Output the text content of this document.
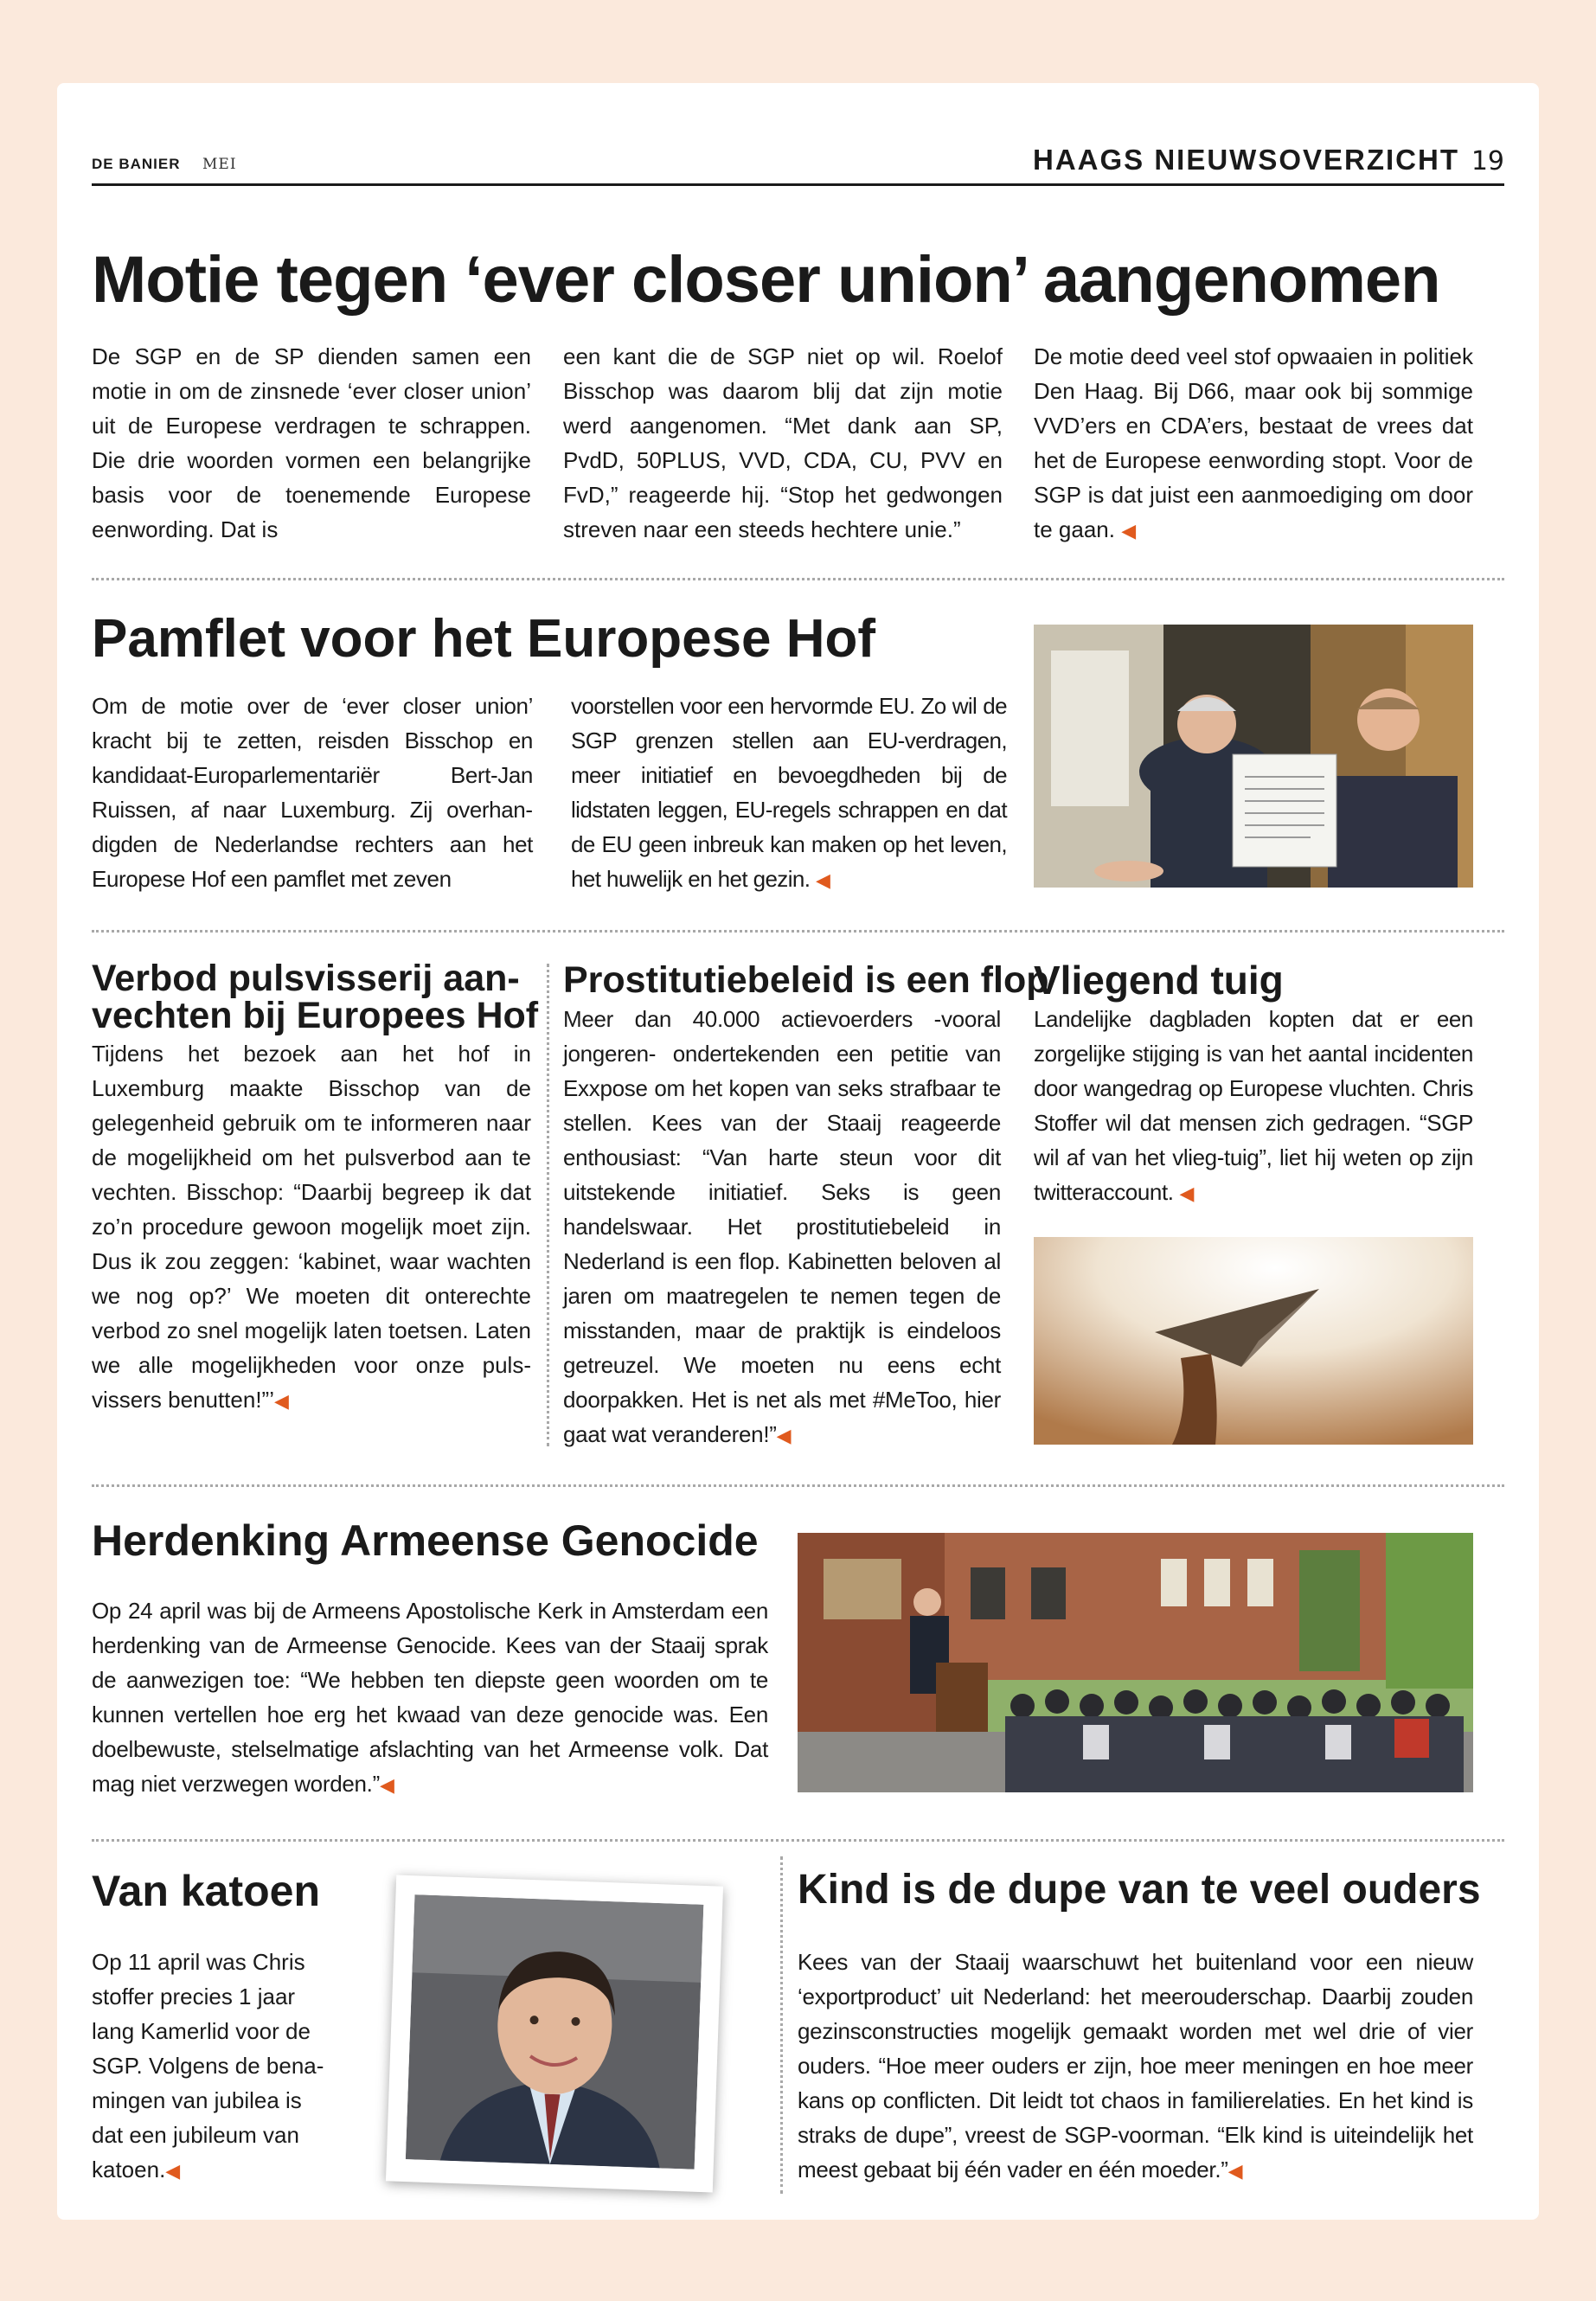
DE BANIER MEI	HAAGS NIEUWSOVERZICHT 19
Motie tegen ‘ever closer union’ aangenomen

De SGP en de SP dienden samen een motie in om de zinsnede ‘ever closer union’ uit de Europese verdragen te schrappen. Die drie woorden vormen een belangrijke basis voor de toenemende Europese eenwording. Dat is

een kant die de SGP niet op wil. Roelof Bisschop was daarom blij dat zijn motie werd aangenomen. “Met dank aan SP, PvdD, 50PLUS, VVD, CDA, CU, PVV en FvD,” reageerde hij. “Stop het gedwongen streven naar een steeds hechtere unie.”

De motie deed veel stof opwaaien in politiek Den Haag. Bij D66, maar ook bij sommige VVD’ers en CDA’ers, bestaat de vrees dat het de Europese eenwording stopt. Voor de SGP is dat juist een aanmoediging om door te gaan. ◀

Pamflet voor het Europese Hof

Om de motie over de ‘ever closer union’ kracht bij te zetten, reisden Bisschop en kandidaat-Europarlementariër Bert-Jan Ruissen, af naar Luxemburg. Zij overhandigden de Nederlandse rechters aan het Europese Hof een pamflet met zeven

voorstellen voor een hervormde EU. Zo wil de SGP grenzen stellen aan EU-verdragen, meer initiatief en bevoegdheden bij de lidstaten leggen, EU-regels schrappen en dat de EU geen inbreuk kan maken op het leven, het huwelijk en het gezin. ◀

Verbod pulsvisserij aanvechten bij Europees Hof

Tijdens het bezoek aan het hof in Luxemburg maakte Bisschop van de gelegenheid gebruik om te informeren naar de mogelijkheid om het pulsverbod aan te vechten. Bisschop: “Daarbij begreep ik dat zo’n procedure gewoon mogelijk moet zijn. Dus ik zou zeggen: ‘kabinet, waar wachten we nog op?’ We moeten dit onterechte verbod zo snel mogelijk laten toetsen. Laten we alle mogelijkheden voor onze pulsvissers benutten!”’◀

Prostitutiebeleid is een flop

Meer dan 40.000 actievoerders -vooral jongeren- ondertekenden een petitie van Exxpose om het kopen van seks strafbaar te stellen. Kees van der Staaij reageerde enthousiast: “Van harte steun voor dit uitstekende initiatief. Seks is geen handelswaar. Het prostitutiebeleid in Nederland is een flop. Kabinetten beloven al jaren om maatregelen te nemen tegen de misstanden, maar de praktijk is eindeloos getreuzel. We moeten nu eens echt doorpakken. Het is net als met #MeToo, hier gaat wat veranderen!”◀

Vliegend tuig

Landelijke dagbladen kopten dat er een zorgelijke stijging is van het aantal incidenten door wangedrag op Europese vluchten. Chris Stoffer wil dat mensen zich gedragen. “SGP wil af van het vlieg-tuig”, liet hij weten op zijn twitteraccount. ◀

Herdenking Armeense Genocide

Op 24 april was bij de Armeens Apostolische Kerk in Amsterdam een herdenking van de Armeense Genocide. Kees van der Staaij sprak de aanwezigen toe: “We hebben ten diepste geen woorden om te kunnen vertellen hoe erg het kwaad van deze genocide was. Een doelbewuste, stelselmatige afslachting van het Armeense volk. Dat mag niet verzwegen worden.”◀

Van katoen

Op 11 april was Chris stoffer precies 1 jaar lang Kamerlid voor de SGP. Volgens de benamingen van jubilea is dat een jubileum van katoen.◀

Kind is de dupe van te veel ouders

Kees van der Staaij waarschuwt het buitenland voor een nieuw ‘exportproduct’ uit Nederland: het meerouderschap. Daarbij zouden gezinsconstructies mogelijk gemaakt worden met wel drie of vier ouders. “Hoe meer ouders er zijn, hoe meer meningen en hoe meer kans op conflicten. Dit leidt tot chaos in familierelaties. En het kind is straks de dupe”, vreest de SGP-voorman. “Elk kind is uiteindelijk het meest gebaat bij één vader en één moeder.”◀
